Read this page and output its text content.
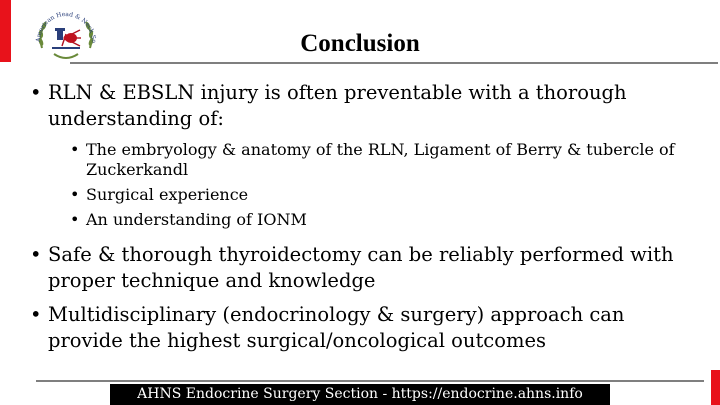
American Head & Neck So	Conclusion
• RLN & EBSLN injury is often preventable with a thorough understanding of:
• The embryology & anatomy of the RLN, Ligament of Berry & tubercle of Zuckerkandl
• Surgical experience
• An understanding of IONM
• Safe & thorough thyroidectomy can be reliably performed with proper technique and knowledge
• Multidisciplinary (endocrinology & surgery) approach can provide the highest surgical/oncological outcomes
AHNS Endocrine Surgery Section - https://endocrine.ahns.info
